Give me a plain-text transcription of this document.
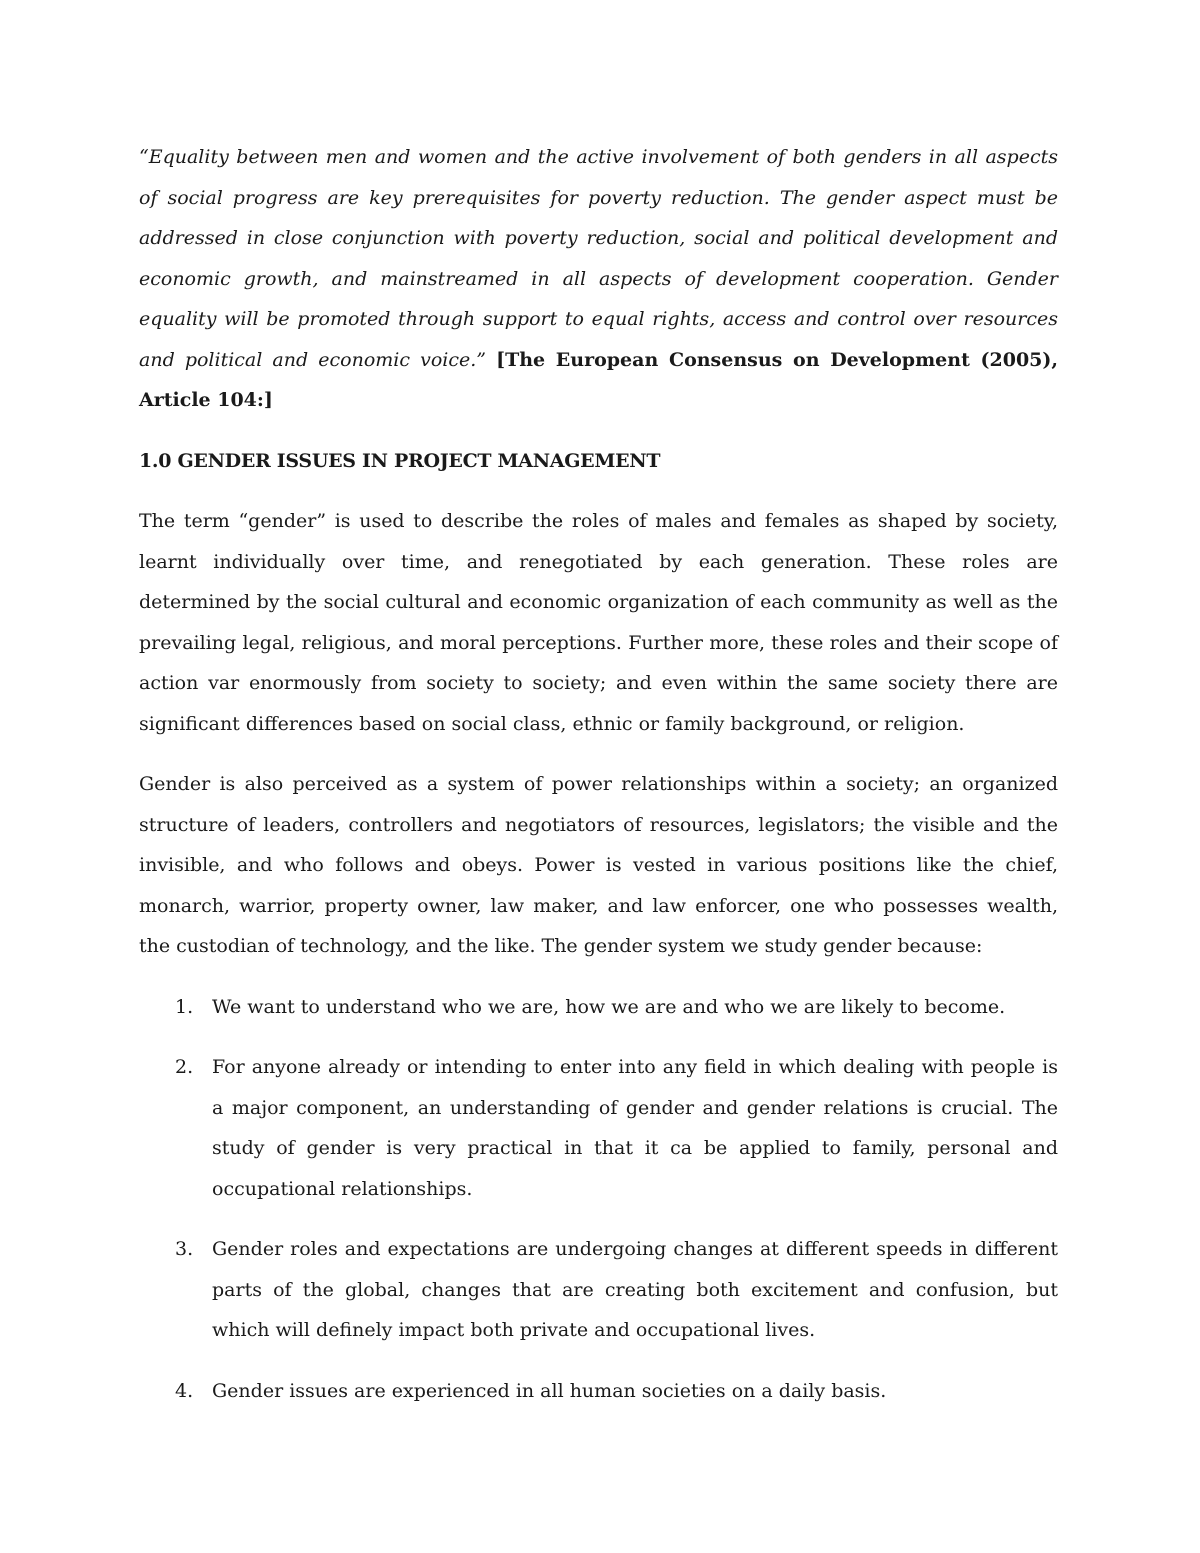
“Equality between men and women and the active involvement of both genders in all aspects of social progress are key prerequisites for poverty reduction. The gender aspect must be addressed in close conjunction with poverty reduction, social and political development and economic growth, and mainstreamed in all aspects of development cooperation. Gender equality will be promoted through support to equal rights, access and control over resources and political and economic voice.” [The European Consensus on Development (2005), Article 104:]

1.0 GENDER ISSUES IN PROJECT MANAGEMENT

The term “gender” is used to describe the roles of males and females as shaped by society, learnt individually over time, and renegotiated by each generation. These roles are determined by the social cultural and economic organization of each community as well as the prevailing legal, religious, and moral perceptions. Further more, these roles and their scope of action var enormously from society to society; and even within the same society there are significant differences based on social class, ethnic or family background, or religion.

Gender is also perceived as a system of power relationships within a society; an organized structure of leaders, controllers and negotiators of resources, legislators; the visible and the invisible, and who follows and obeys. Power is vested in various positions like the chief, monarch, warrior, property owner, law maker, and law enforcer, one who possesses wealth, the custodian of technology, and the like. The gender system we study gender because:

1. We want to understand who we are, how we are and who we are likely to become.
2. For anyone already or intending to enter into any field in which dealing with people is a major component, an understanding of gender and gender relations is crucial. The study of gender is very practical in that it ca be applied to family, personal and occupational relationships.
3. Gender roles and expectations are undergoing changes at different speeds in different parts of the global, changes that are creating both excitement and confusion, but which will definely impact both private and occupational lives.
4. Gender issues are experienced in all human societies on a daily basis.
